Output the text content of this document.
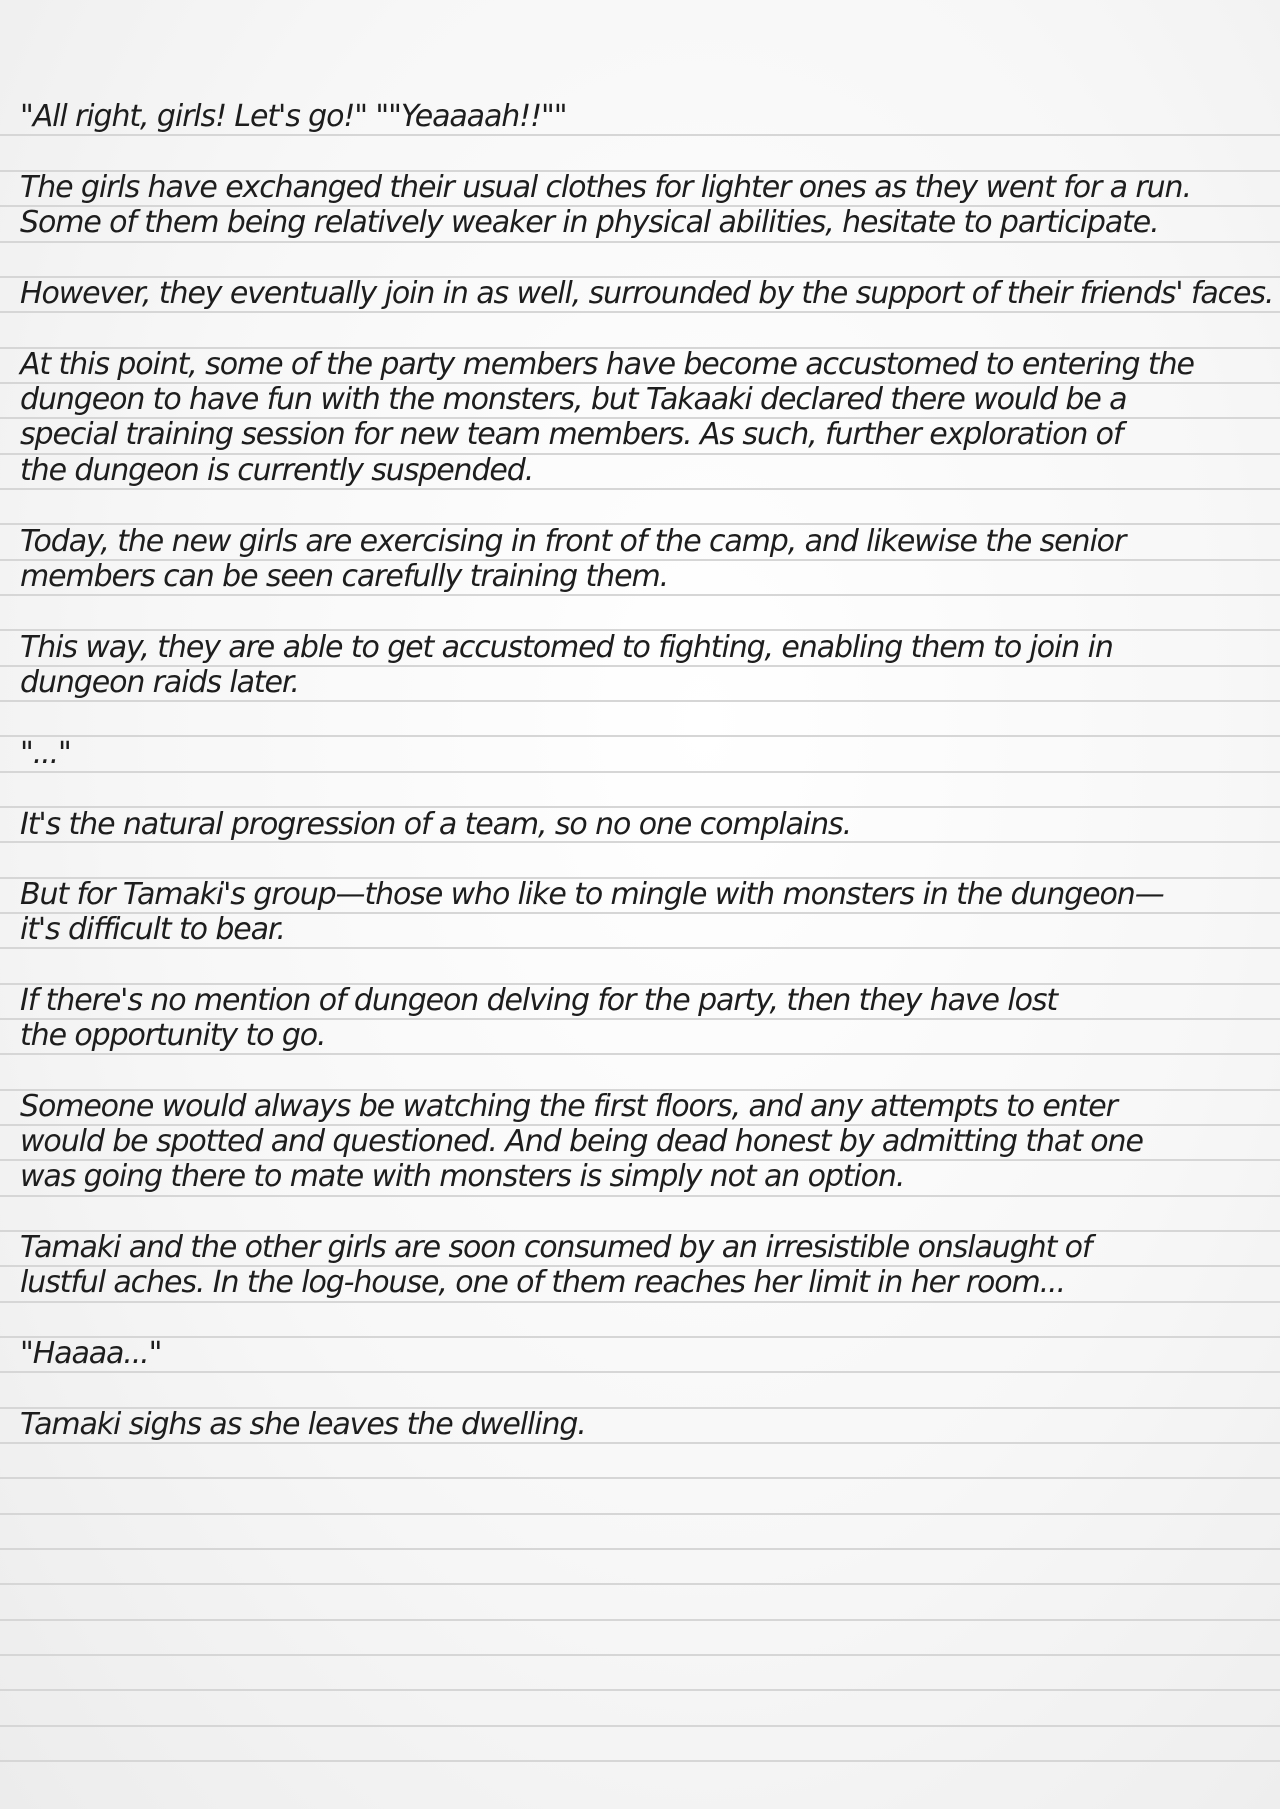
"All right, girls! Let's go!" ""Yeaaaah!!""
The girls have exchanged their usual clothes for lighter ones as they went for a run.
Some of them being relatively weaker in physical abilities, hesitate to participate.
However, they eventually join in as well, surrounded by the support of their friends' faces.
At this point, some of the party members have become accustomed to entering the
dungeon to have fun with the monsters, but Takaaki declared there would be a
special training session for new team members. As such, further exploration of
the dungeon is currently suspended.
Today, the new girls are exercising in front of the camp, and likewise the senior
members can be seen carefully training them.
This way, they are able to get accustomed to fighting, enabling them to join in
dungeon raids later.
"..."
It's the natural progression of a team, so no one complains.
But for Tamaki's group—those who like to mingle with monsters in the dungeon—
it's difficult to bear.
If there's no mention of dungeon delving for the party, then they have lost
the opportunity to go.
Someone would always be watching the first floors, and any attempts to enter
would be spotted and questioned. And being dead honest by admitting that one
was going there to mate with monsters is simply not an option.
Tamaki and the other girls are soon consumed by an irresistible onslaught of
lustful aches. In the log-house, one of them reaches her limit in her room...
"Haaaa..."
Tamaki sighs as she leaves the dwelling.
